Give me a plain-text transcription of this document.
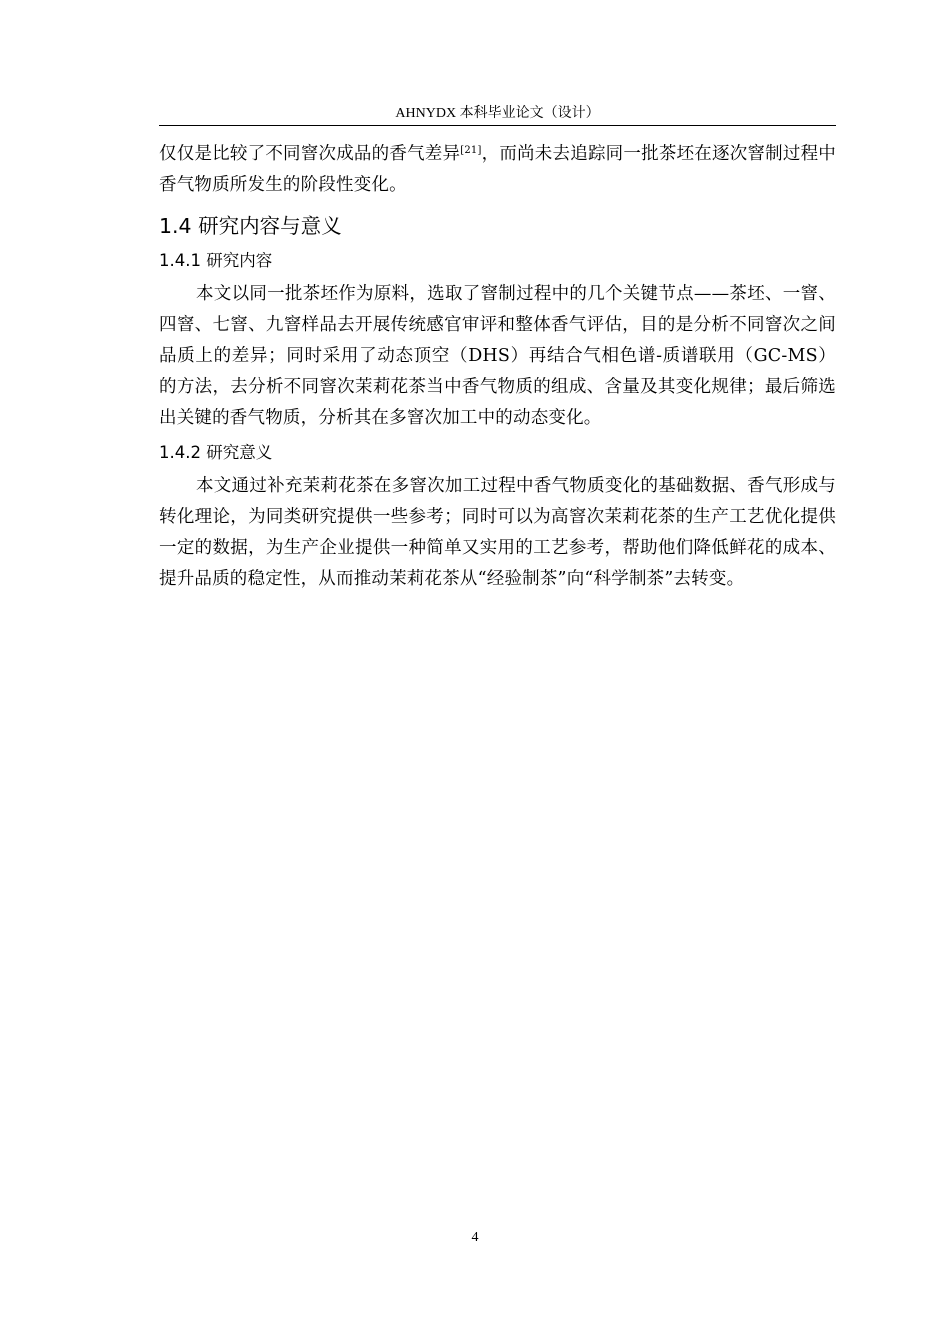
AHNYDX 本科毕业论文（设计）

仅仅是比较了不同窨次成品的香气差异[21]，而尚未去追踪同一批茶坯在逐次窨制过程中香气物质所发生的阶段性变化。

1.4 研究内容与意义
1.4.1 研究内容

本文以同一批茶坯作为原料，选取了窨制过程中的几个关键节点——茶坯、一窨、四窨、七窨、九窨样品去开展传统感官审评和整体香气评估，目的是分析不同窨次之间品质上的差异；同时采用了动态顶空（DHS）再结合气相色谱-质谱联用（GC-MS）的方法，去分析不同窨次茉莉花茶当中香气物质的组成、含量及其变化规律；最后筛选出关键的香气物质，分析其在多窨次加工中的动态变化。

1.4.2 研究意义

本文通过补充茉莉花茶在多窨次加工过程中香气物质变化的基础数据、香气形成与转化理论，为同类研究提供一些参考；同时可以为高窨次茉莉花茶的生产工艺优化提供一定的数据，为生产企业提供一种简单又实用的工艺参考，帮助他们降低鲜花的成本、提升品质的稳定性，从而推动茉莉花茶从“经验制茶”向“科学制茶”去转变。

4
